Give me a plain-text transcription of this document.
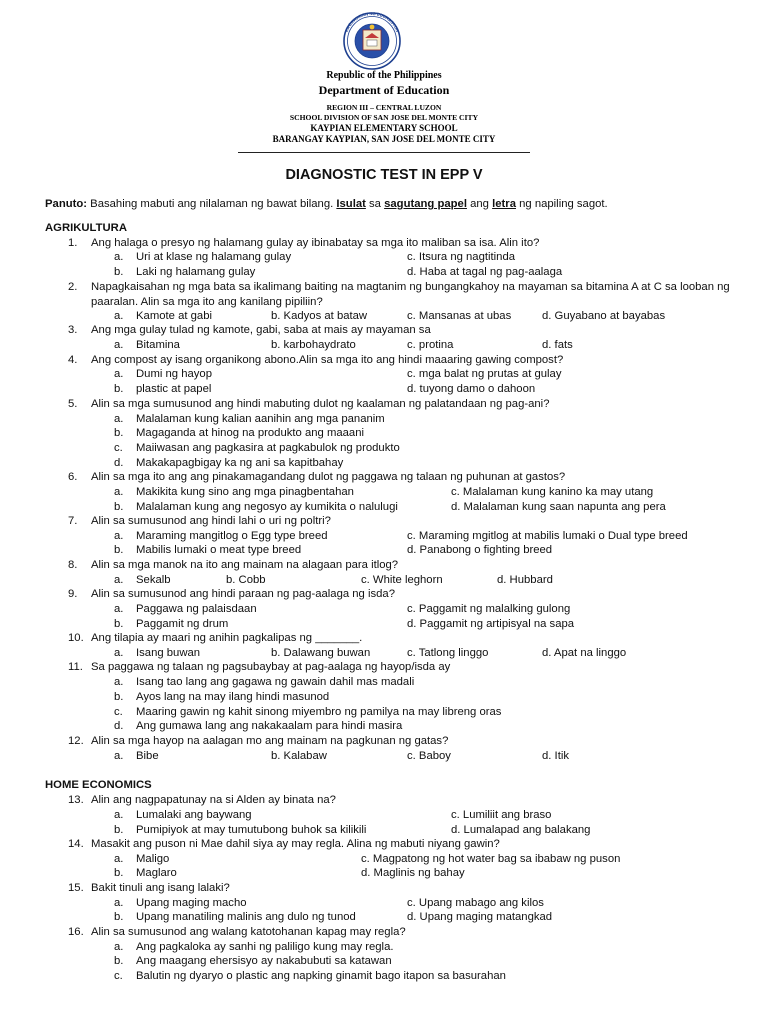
KAGAWARAN NG EDUKASYON
Republic of the Philippines
Department of Education
REGION III – CENTRAL LUZON
SCHOOL DIVISION OF SAN JOSE DEL MONTE CITY
KAYPIAN ELEMENTARY SCHOOL
BARANGAY KAYPIAN, SAN JOSE DEL MONTE CITY
DIAGNOSTIC TEST IN EPP V
Panuto: Basahing mabuti ang nilalaman ng bawat bilang. Isulat sa sagutang papel ang letra ng napiling sagot.
AGRIKULTURA
1. Ang halaga o presyo ng halamang gulay ay ibinabatay sa mga ito maliban sa isa. Alin ito?
a. Uri at klase ng halamang gulay	c. Itsura ng nagtitinda
b. Laki ng halamang gulay	d. Haba at tagal ng pag-aalaga
2. Napagkaisahan ng mga bata sa ikalimang baiting na magtanim ng bungangkahoy na mayaman sa bitamina A at C sa looban ng paaralan. Alin sa mga ito ang kanilang pipiliin?
a. Kamote at gabi	b. Kadyos at bataw	c. Mansanas at ubas	d. Guyabano at bayabas
3. Ang mga gulay tulad ng kamote, gabi, saba at mais ay mayaman sa
a. Bitamina	b. karbohaydrato	c. protina	d. fats
4. Ang compost ay isang organikong abono.Alin sa mga ito ang hindi maaaring gawing compost?
a. Dumi ng hayop	c. mga balat ng prutas at gulay
b. plastic at papel	d. tuyong damo o dahoon
5. Alin sa mga sumusunod ang hindi mabuting dulot ng kaalaman ng palatandaan ng pag-ani?
a. Malalaman kung kalian aanihin ang mga pananim
b. Magaganda at hinog na produkto ang maaani
c. Maiiwasan ang pagkasira at pagkabulok ng produkto
d. Makakapagbigay ka ng ani sa kapitbahay
6. Alin sa mga ito ang ang pinakamagandang dulot ng paggawa ng talaan ng puhunan at gastos?
a. Makikita kung sino ang mga pinagbentahan	c. Malalaman kung kanino ka may utang
b. Malalaman kung ang negosyo ay kumikita o nalulugi	d. Malalaman kung saan napunta ang pera
7. Alin sa sumusunod ang hindi lahi o uri ng poltri?
a. Maraming mangitlog o Egg type breed	c. Maraming mgitlog at mabilis lumaki o Dual type breed
b. Mabilis lumaki o meat type breed	d. Panabong o fighting breed
8. Alin sa mga manok na ito ang mainam na alagaan para itlog?
a. Sekalb	b. Cobb	c. White leghorn	d. Hubbard
9. Alin sa sumusunod ang hindi paraan ng pag-aalaga ng isda?
a. Paggawa ng palaisdaan	c. Paggamit ng malalking gulong
b. Paggamit ng drum	d. Paggamit ng artipisyal na sapa
10. Ang tilapia ay maari ng anihin pagkalipas ng _______.
a. Isang buwan	b. Dalawang buwan	c. Tatlong linggo	d. Apat na linggo
11. Sa paggawa ng talaan ng pagsubaybay at pag-aalaga ng hayop/isda ay
a. Isang tao lang ang gagawa ng gawain dahil mas madali
b. Ayos lang na may ilang hindi masunod
c. Maaring gawin ng kahit sinong miyembro ng pamilya na may libreng oras
d. Ang gumawa lang ang nakakaalam para hindi masira
12. Alin sa mga hayop na aalagan mo ang mainam na pagkunan ng gatas?
a. Bibe	b. Kalabaw	c. Baboy	d. Itik
HOME ECONOMICS
13. Alin ang nagpapatunay na si Alden ay binata na?
a. Lumalaki ang baywang	c. Lumiliit ang braso
b. Pumipiyok at may tumutubong buhok sa kilikili	d. Lumalapad ang balakang
14. Masakit ang puson ni Mae dahil siya ay may regla. Alina ng mabuti niyang gawin?
a. Maligo	c. Magpatong ng hot water bag sa ibabaw ng puson
b. Maglaro	d. Maglinis ng bahay
15. Bakit tinuli ang isang lalaki?
a. Upang maging macho	c. Upang mabago ang kilos
b. Upang manatiling malinis ang dulo ng tunod	d. Upang maging matangkad
16. Alin sa sumusunod ang walang katotohanan kapag may regla?
a. Ang pagkaloka ay sanhi ng paliligo kung may regla.
b. Ang maagang ehersisyo ay nakabubuti sa katawan
c. Balutin ng dyaryo o plastic ang napking ginamit bago itapon sa basurahan
